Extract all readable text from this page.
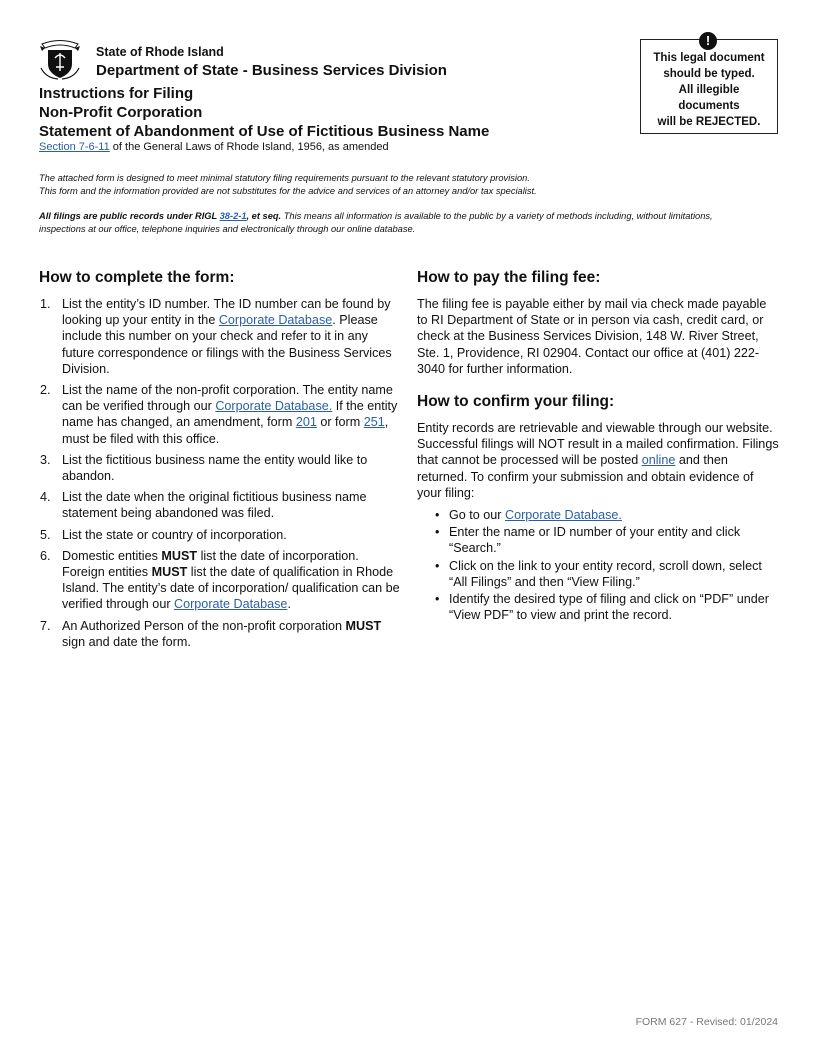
State of Rhode Island
Department of State - Business Services Division
Instructions for Filing
Non-Profit Corporation
Statement of Abandonment of Use of Fictitious Business Name
Section 7-6-11 of the General Laws of Rhode Island, 1956, as amended
!
This legal document
should be typed.
All illegible
documents
will be REJECTED.
The attached form is designed to meet minimal statutory filing requirements pursuant to the relevant statutory provision.
This form and the information provided are not substitutes for the advice and services of an attorney and/or tax specialist.
All filings are public records under RIGL 38-2-1, et seq. This means all information is available to the public by a variety of methods including, without limitations, inspections at our office, telephone inquiries and electronically through our online database.
How to complete the form:
1. List the entity’s ID number. The ID number can be found by looking up your entity in the Corporate Database. Please include this number on your check and refer to it in any future correspondence or filings with the Business Services Division.
2. List the name of the non-profit corporation. The entity name can be verified through our Corporate Database. If the entity name has changed, an amendment, form 201 or form 251, must be filed with this office.
3. List the fictitious business name the entity would like to abandon.
4. List the date when the original fictitious business name statement being abandoned was filed.
5. List the state or country of incorporation.
6. Domestic entities MUST list the date of incorporation. Foreign entities MUST list the date of qualification in Rhode Island. The entity’s date of incorporation/ qualification can be verified through our Corporate Database.
7. An Authorized Person of the non-profit corporation MUST sign and date the form.
How to pay the filing fee:

The filing fee is payable either by mail via check made payable to RI Department of State or in person via cash, credit card, or check at the Business Services Division, 148 W. River Street, Ste. 1, Providence, RI 02904. Contact our office at (401) 222-3040 for further information.

How to confirm your filing:

Entity records are retrievable and viewable through our website. Successful filings will NOT result in a mailed confirmation. Filings that cannot be processed will be posted online and then returned. To confirm your submission and obtain evidence of your filing:

• Go to our Corporate Database.
• Enter the name or ID number of your entity and click “Search.”
• Click on the link to your entity record, scroll down, select “All Filings” and then “View Filing.”
• Identify the desired type of filing and click on “PDF” under “View PDF” to view and print the record.
FORM 627 - Revised: 01/2024
